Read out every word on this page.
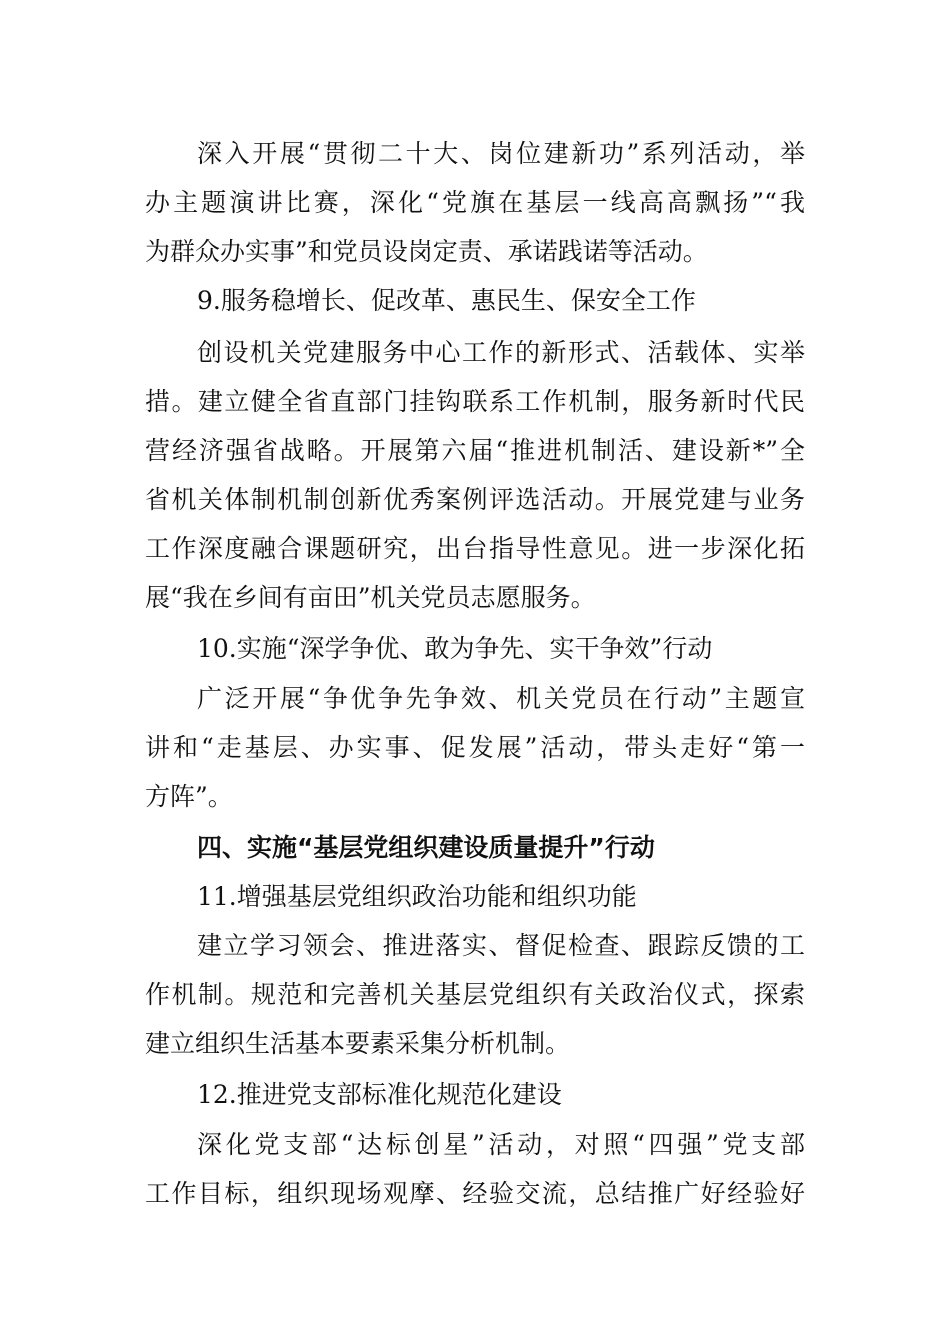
深入开展“贯彻二十大、岗位建新功”系列活动，举
办主题演讲比赛，深化“党旗在基层一线高高飘扬”“我
为群众办实事”和党员设岗定责、承诺践诺等活动。
9.服务稳增长、促改革、惠民生、保安全工作
创设机关党建服务中心工作的新形式、活载体、实举
措。建立健全省直部门挂钩联系工作机制，服务新时代民
营经济强省战略。开展第六届“推进机制活、建设新*”全
省机关体制机制创新优秀案例评选活动。开展党建与业务
工作深度融合课题研究，出台指导性意见。进一步深化拓
展“我在乡间有亩田”机关党员志愿服务。
10.实施“深学争优、敢为争先、实干争效”行动
广泛开展“争优争先争效、机关党员在行动”主题宣
讲和“走基层、办实事、促发展”活动，带头走好“第一
方阵”。
四、实施“基层党组织建设质量提升”行动
11.增强基层党组织政治功能和组织功能
建立学习领会、推进落实、督促检查、跟踪反馈的工
作机制。规范和完善机关基层党组织有关政治仪式，探索
建立组织生活基本要素采集分析机制。
12.推进党支部标准化规范化建设
深化党支部“达标创星”活动，对照“四强”党支部
工作目标，组织现场观摩、经验交流，总结推广好经验好
